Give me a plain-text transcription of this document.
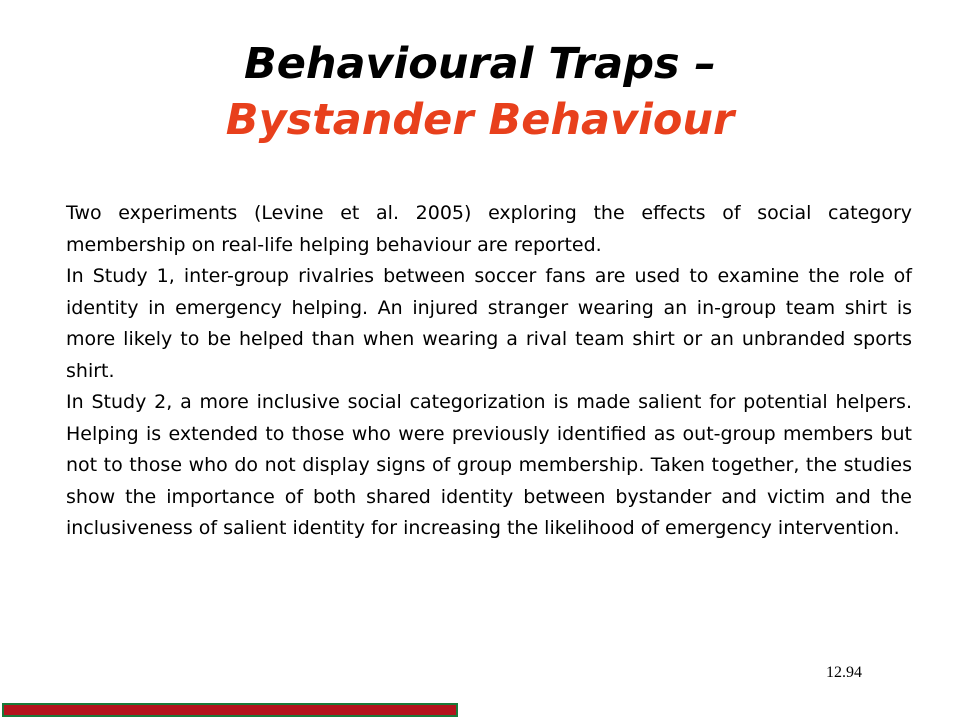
Behavioural Traps –
Bystander Behaviour

Two experiments (Levine et al. 2005) exploring the effects of social category membership on real-life helping behaviour are reported.

In Study 1, inter-group rivalries between soccer fans are used to examine the role of identity in emergency helping. An injured stranger wearing an in-group team shirt is more likely to be helped than when wearing a rival team shirt or an unbranded sports shirt.

In Study 2, a more inclusive social categorization is made salient for potential helpers. Helping is extended to those who were previously identified as out-group members but not to those who do not display signs of group membership. Taken together, the studies show the importance of both shared identity between bystander and victim and the inclusiveness of salient identity for increasing the likelihood of emergency intervention.

12.94
